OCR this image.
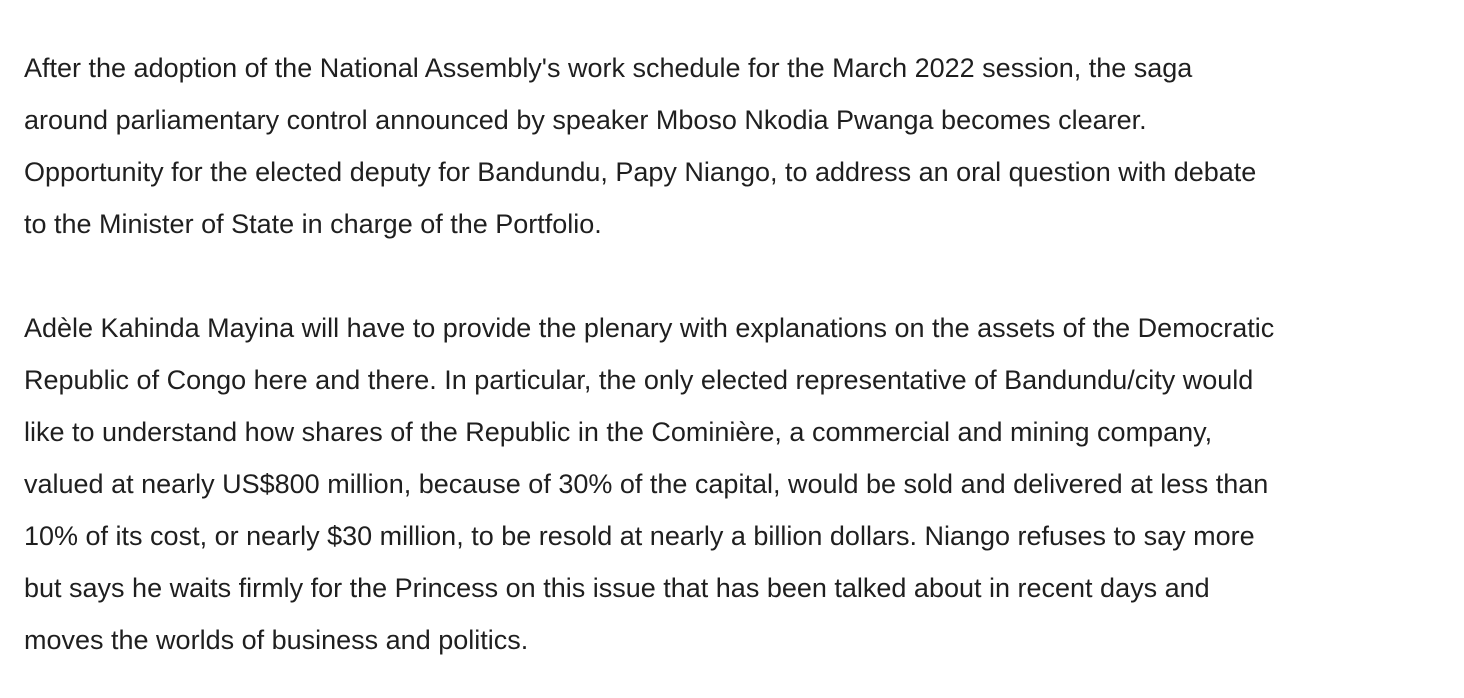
After the adoption of the National Assembly's work schedule for the March 2022 session, the saga
around parliamentary control announced by speaker Mboso Nkodia Pwanga becomes clearer.
Opportunity for the elected deputy for Bandundu, Papy Niango, to address an oral question with debate
to the Minister of State in charge of the Portfolio.

Adèle Kahinda Mayina will have to provide the plenary with explanations on the assets of the Democratic
Republic of Congo here and there. In particular, the only elected representative of Bandundu/city would
like to understand how shares of the Republic in the Cominière, a commercial and mining company,
valued at nearly US$800 million, because of 30% of the capital, would be sold and delivered at less than
10% of its cost, or nearly $30 million, to be resold at nearly a billion dollars. Niango refuses to say more
but says he waits firmly for the Princess on this issue that has been talked about in recent days and
moves the worlds of business and politics.
